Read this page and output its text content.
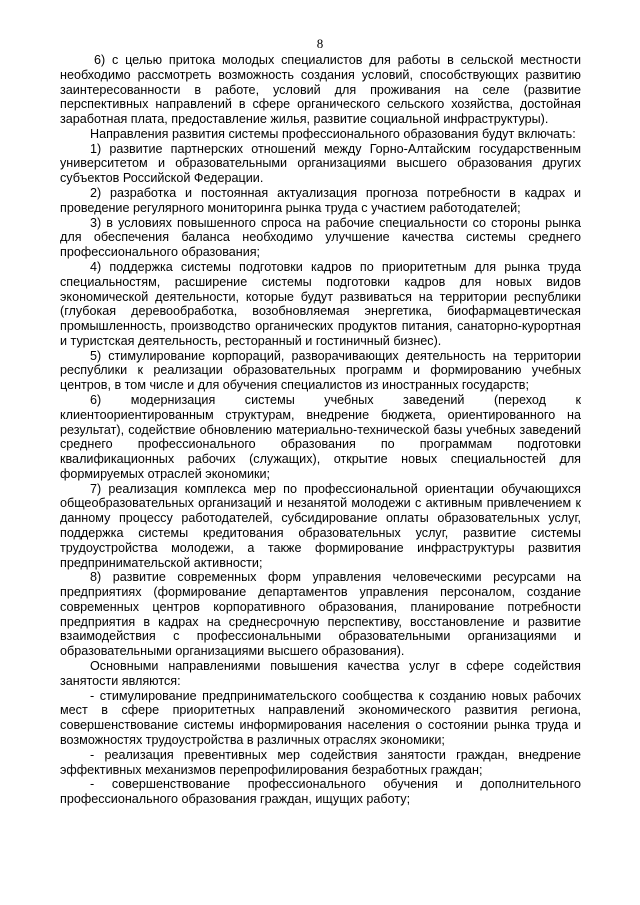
8

6) с целью притока молодых специалистов для работы в сельской местности необходимо рассмотреть возможность создания условий, способствующих развитию заинтересованности в работе, условий для проживания на селе (развитие перспективных направлений в сфере органического сельского хозяйства, достойная заработная плата, предоставление жилья, развитие социальной инфраструктуры).

Направления развития системы профессионального образования будут включать:

1) развитие партнерских отношений между Горно-Алтайским государственным университетом и образовательными организациями высшего образования других субъектов Российской Федерации.

2) разработка и постоянная актуализация прогноза потребности в кадрах и проведение регулярного мониторинга рынка труда с участием работодателей;

3) в условиях повышенного спроса на рабочие специальности со стороны рынка для обеспечения баланса необходимо улучшение качества системы среднего профессионального образования;

4) поддержка системы подготовки кадров по приоритетным для рынка труда специальностям, расширение системы подготовки кадров для новых видов экономической деятельности, которые будут развиваться на территории республики (глубокая деревообработка, возобновляемая энергетика, биофармацевтическая промышленность, производство органических продуктов питания, санаторно-курортная и туристская деятельность, ресторанный и гостиничный бизнес).

5) стимулирование корпораций, разворачивающих деятельность на территории республики к реализации образовательных программ и формированию учебных центров, в том числе и для обучения специалистов из иностранных государств;

6) модернизация системы учебных заведений (переход к клиентоориентированным структурам, внедрение бюджета, ориентированного на результат), содействие обновлению материально-технической базы учебных заведений среднего профессионального образования по программам подготовки квалификационных рабочих (служащих), открытие новых специальностей для формируемых отраслей экономики;

7) реализация комплекса мер по профессиональной ориентации обучающихся общеобразовательных организаций и незанятой молодежи с активным привлечением к данному процессу работодателей, субсидирование оплаты образовательных услуг, поддержка системы кредитования образовательных услуг, развитие системы трудоустройства молодежи, а также формирование инфраструктуры развития предпринимательской активности;

8) развитие современных форм управления человеческими ресурсами на предприятиях (формирование департаментов управления персоналом, создание современных центров корпоративного образования, планирование потребности предприятия в кадрах на среднесрочную перспективу, восстановление и развитие взаимодействия с профессиональными образовательными организациями и образовательными организациями высшего образования).

Основными направлениями повышения качества услуг в сфере содействия занятости являются:

- стимулирование предпринимательского сообщества к созданию новых рабочих мест в сфере приоритетных направлений экономического развития региона, совершенствование системы информирования населения о состоянии рынка труда и возможностях трудоустройства в различных отраслях экономики;

- реализация превентивных мер содействия занятости граждан, внедрение эффективных механизмов перепрофилирования безработных граждан;

- совершенствование профессионального обучения и дополнительного профессионального образования граждан, ищущих работу;
